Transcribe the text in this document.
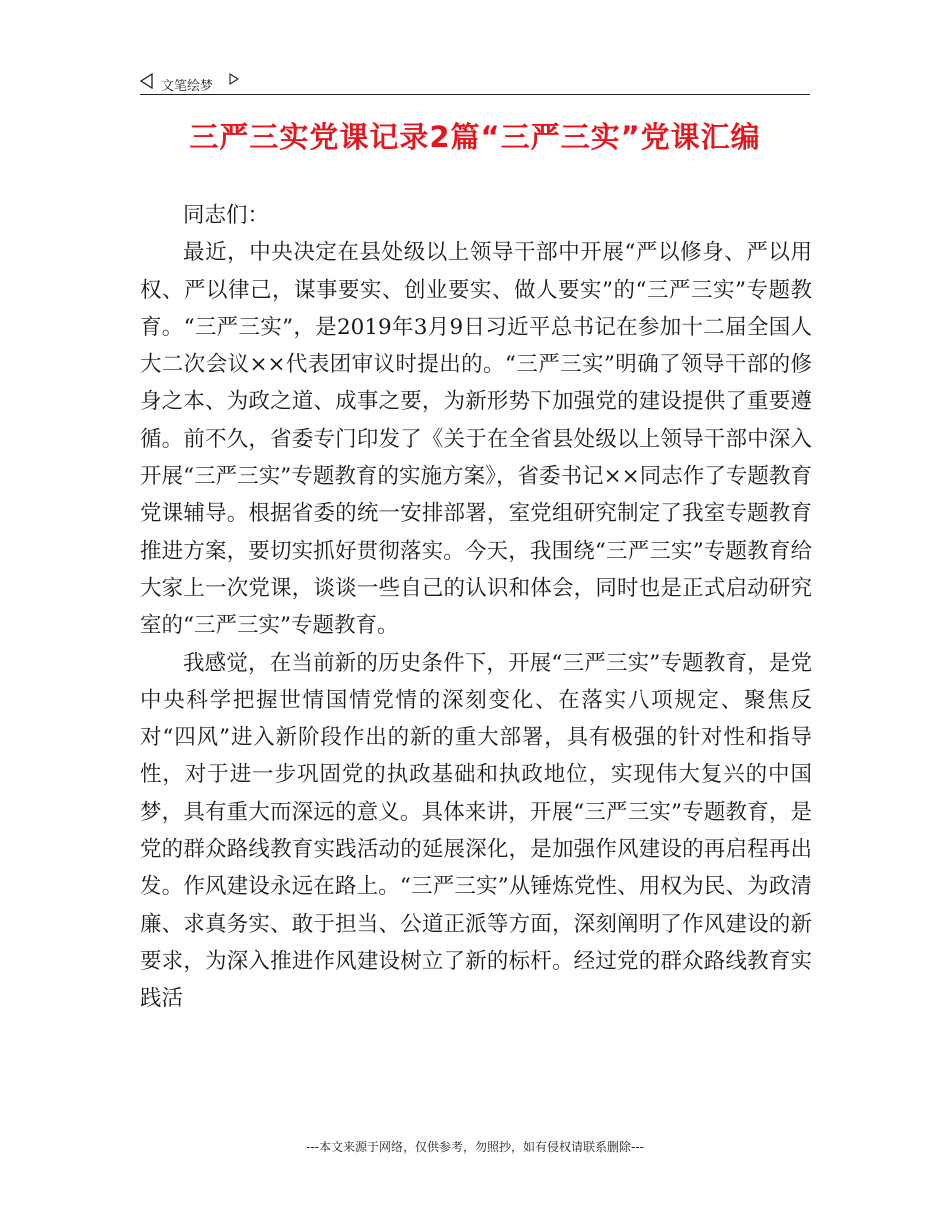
文笔绘梦
三严三实党课记录2篇“三严三实”党课汇编

同志们：

最近，中央决定在县处级以上领导干部中开展“严以修身、严以用权、严以律己，谋事要实、创业要实、做人要实”的“三严三实”专题教育。“三严三实”，是2019年3月9日习近平总书记在参加十二届全国人大二次会议××代表团审议时提出的。“三严三实”明确了领导干部的修身之本、为政之道、成事之要，为新形势下加强党的建设提供了重要遵循。前不久，省委专门印发了《关于在全省县处级以上领导干部中深入开展“三严三实”专题教育的实施方案》，省委书记××同志作了专题教育党课辅导。根据省委的统一安排部署，室党组研究制定了我室专题教育推进方案，要切实抓好贯彻落实。今天，我围绕“三严三实”专题教育给大家上一次党课，谈谈一些自己的认识和体会，同时也是正式启动研究室的“三严三实”专题教育。

我感觉，在当前新的历史条件下，开展“三严三实”专题教育，是党中央科学把握世情国情党情的深刻变化、在落实八项规定、聚焦反对“四风”进入新阶段作出的新的重大部署，具有极强的针对性和指导性，对于进一步巩固党的执政基础和执政地位，实现伟大复兴的中国梦，具有重大而深远的意义。具体来讲，开展“三严三实”专题教育，是党的群众路线教育实践活动的延展深化，是加强作风建设的再启程再出发。作风建设永远在路上。“三严三实”从锤炼党性、用权为民、为政清廉、求真务实、敢于担当、公道正派等方面，深刻阐明了作风建设的新要求，为深入推进作风建设树立了新的标杆。经过党的群众路线教育实践活

---本文来源于网络，仅供参考，勿照抄，如有侵权请联系删除---
